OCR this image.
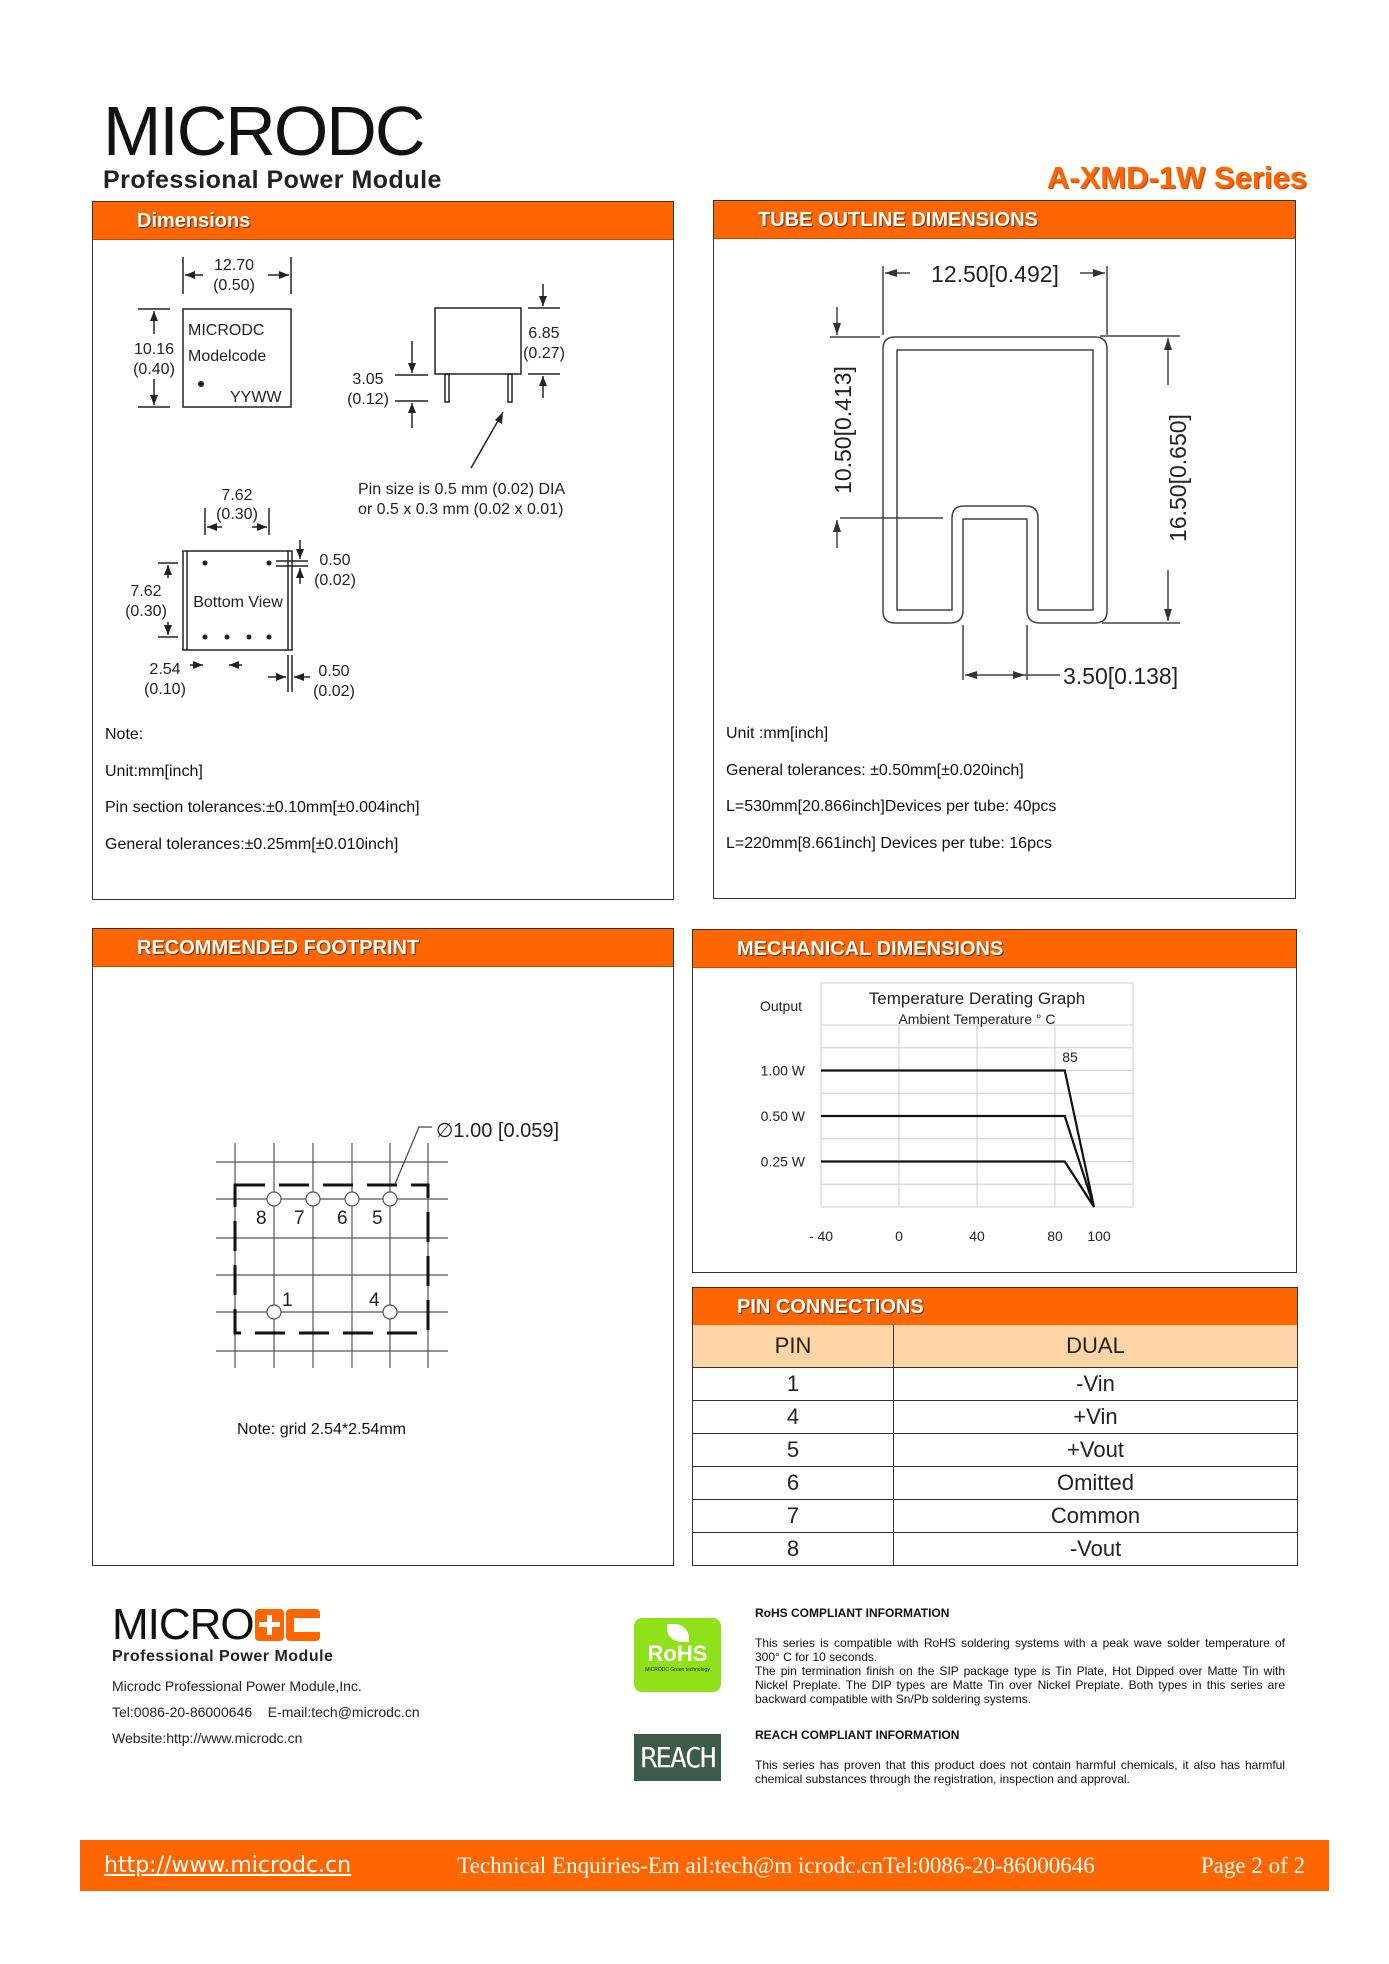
MICRODC
Professional Power Module	A-XMD-1W Series
Dimensions
MICRODC
Modelcode
YYWW
12.70
(0.50)
10.16
(0.40)
6.85
(0.27)
3.05
(0.12)
Pin size is 0.5 mm (0.02) DIA
or 0.5 x 0.3 mm (0.02 x 0.01)
Bottom View
7.62
(0.30)
7.62
(0.30)
0.50
(0.02)
2.54
(0.10)
0.50
(0.02)
Note:
Unit:mm[inch]
Pin section tolerances:±0.10mm[±0.004inch]
General tolerances:±0.25mm[±0.010inch]
TUBE OUTLINE DIMENSIONS
12.50[0.492]
10.50[0.413]	16.50[0.650]
3.50[0.138]
Unit :mm[inch]
General tolerances: ±0.50mm[±0.020inch]
L=530mm[20.866inch]Devices per tube: 40pcs
L=220mm[8.661inch] Devices per tube: 16pcs
RECOMMENDED FOOTPRINT
∅1.00 [0.059]
8 7 6 5
1	4
Note: grid 2.54*2.54mm
MECHANICAL DIMENSIONS
Temperature Derating Graph
Ambient Temperature ° C
Output
85
1.00 W
0.50 W
0.25 W
- 40	0	40	80 100
PIN CONNECTIONS
PIN	DUAL
1	-Vin
4	+Vin
5	+Vout
6	Omitted
7	Common
8	-Vout
MICRO
Professional Power Module
Microdc Professional Power Module,Inc.
Tel:0086-20-86000646 E-mail:tech@microdc.cn
Website:http://www.microdc.cn
RoHS
MICRODC Green technology
RoHS COMPLIANT INFORMATION
This series is compatible with RoHS soldering systems with a peak wave solder temperature of 300° C for 10 seconds.
The pin termination finish on the SIP package type is Tin Plate, Hot Dipped over Matte Tin with Nickel Preplate. The DIP types are Matte Tin over Nickel Preplate. Both types in this series are backward compatible with Sn/Pb soldering systems.
REACH
REACH COMPLIANT INFORMATION
This series has proven that this product does not contain harmful chemicals, it also has harmful chemical substances through the registration, inspection and approval.
http://www.microdc.cn	Technical Enquiries-Em ail:tech@m icrodc.cnTel:0086-20-86000646	Page 2 of 2
